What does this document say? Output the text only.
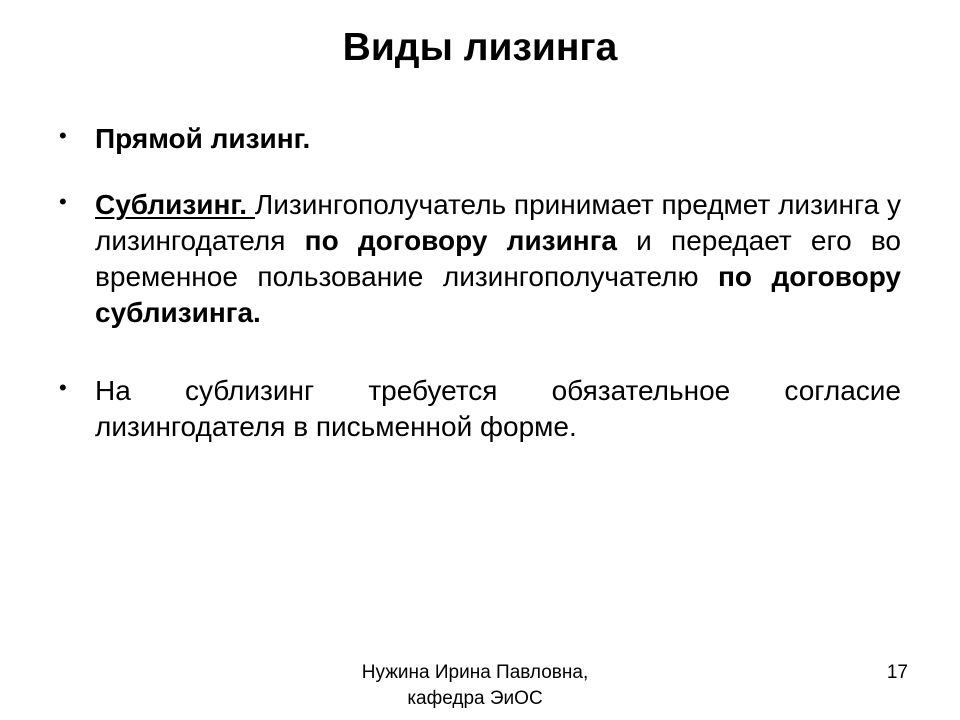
Виды лизинга
• Прямой лизинг.
• Сублизинг. Лизингополучатель принимает предмет лизинга у лизингодателя по договору лизинга и передает его во временное пользование лизингополучателю по договору сублизинга.
• На сублизинг требуется обязательное согласие лизингодателя в письменной форме.
Нужина Ирина Павловна,
кафедра ЭиОС
17
